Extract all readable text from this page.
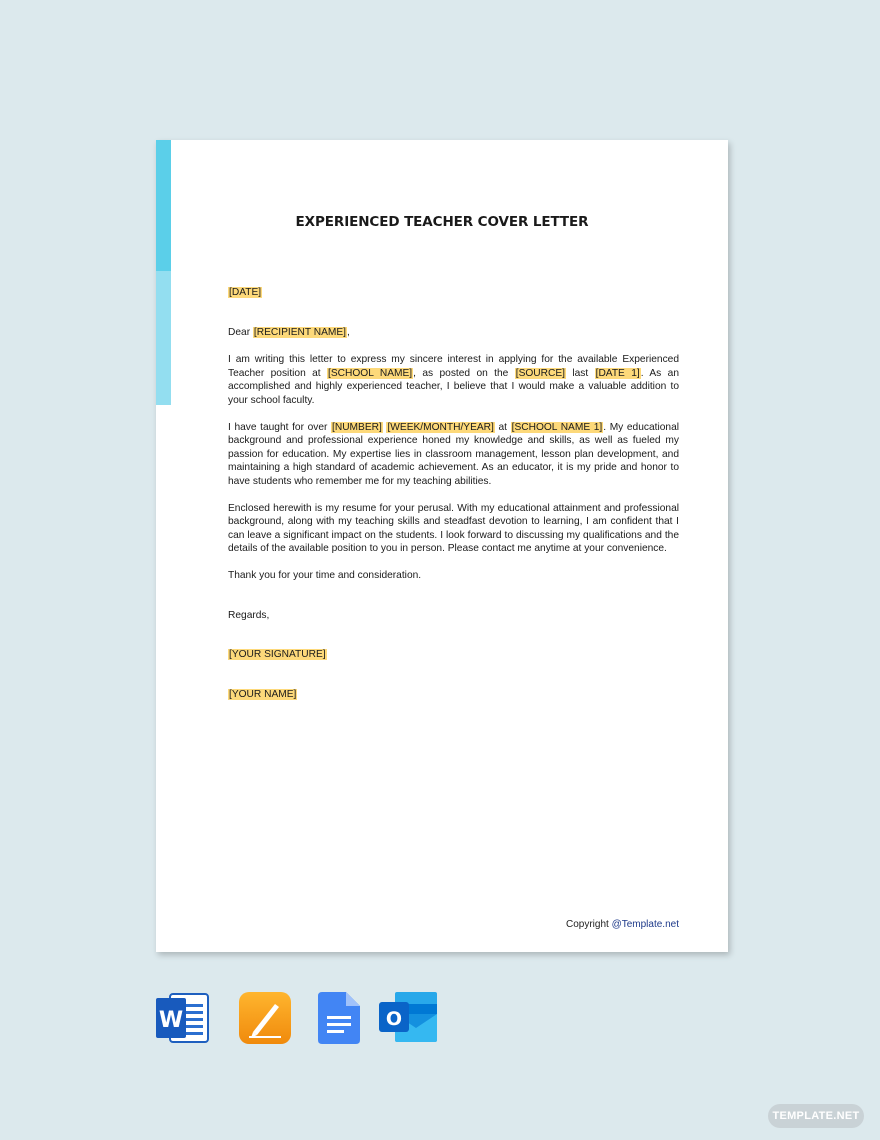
EXPERIENCED TEACHER COVER LETTER

[DATE]

Dear [RECIPIENT NAME],

I am writing this letter to express my sincere interest in applying for the available Experienced Teacher position at [SCHOOL NAME], as posted on the [SOURCE] last [DATE 1]. As an accomplished and highly experienced teacher, I believe that I would make a valuable addition to your school faculty.

I have taught for over [NUMBER] [WEEK/MONTH/YEAR] at [SCHOOL NAME 1]. My educational background and professional experience honed my knowledge and skills, as well as fueled my passion for education. My expertise lies in classroom management, lesson plan development, and maintaining a high standard of academic achievement. As an educator, it is my pride and honor to have students who remember me for my teaching abilities.

Enclosed herewith is my resume for your perusal. With my educational attainment and professional background, along with my teaching skills and steadfast devotion to learning, I am confident that I can leave a significant impact on the students. I look forward to discussing my qualifications and the details of the available position to you in person. Please contact me anytime at your convenience.

Thank you for your time and consideration.

Regards,

[YOUR SIGNATURE]

[YOUR NAME]

Copyright @Template.net
W	O
TEMPLATE.NET
